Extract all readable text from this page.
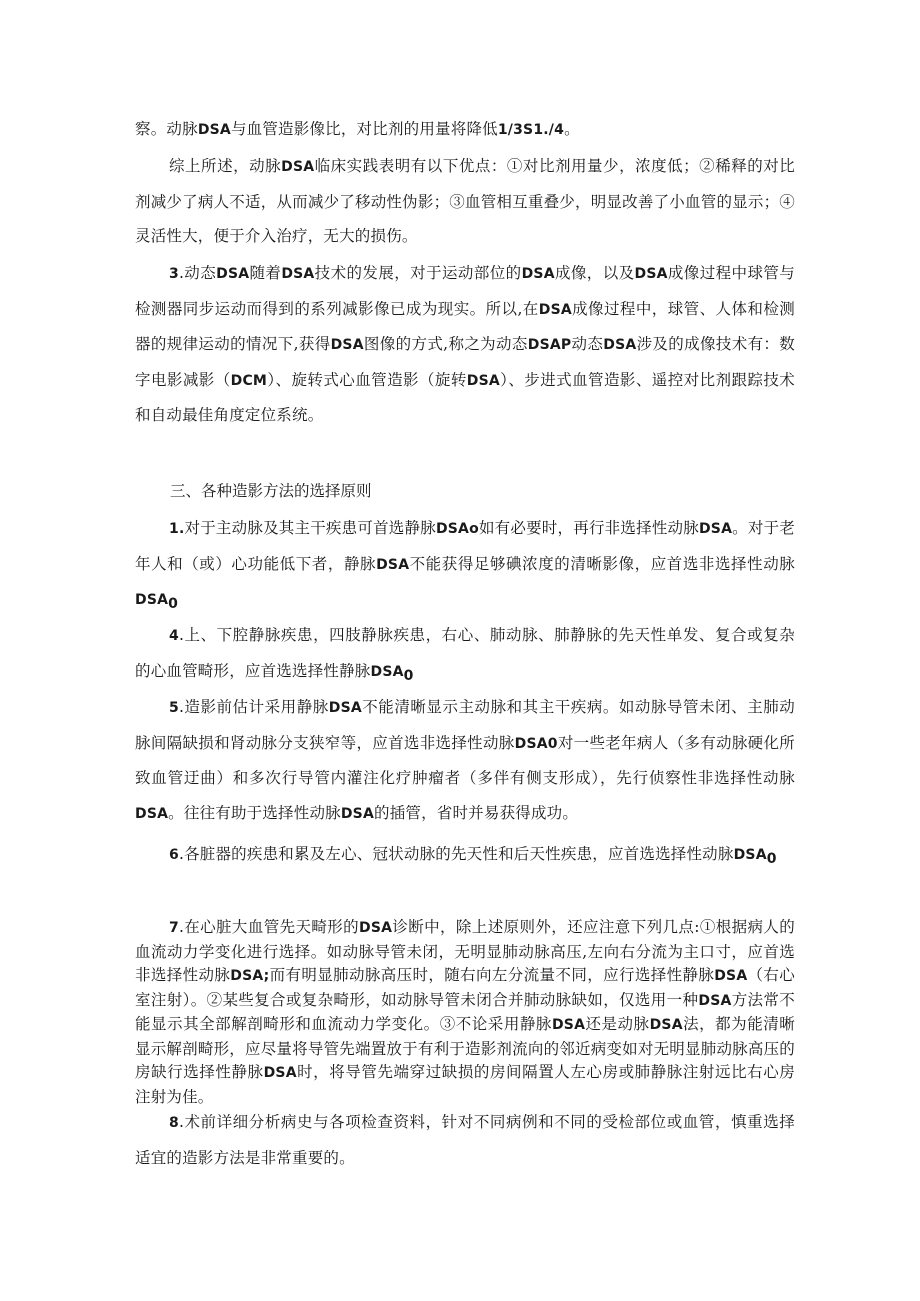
察。动脉DSA与血管造影像比，对比剂的用量将降低1/3S1./4。

综上所述，动脉DSA临床实践表明有以下优点：①对比剂用量少，浓度低；②稀释的对比剂减少了病人不适，从而减少了移动性伪影；③血管相互重叠少，明显改善了小血管的显示；④灵活性大，便于介入治疗，无大的损伤。

3.动态DSA随着DSA技术的发展，对于运动部位的DSA成像，以及DSA成像过程中球管与检测器同步运动而得到的系列减影像已成为现实。所以,在DSA成像过程中，球管、人体和检测器的规律运动的情况下,获得DSA图像的方式,称之为动态DSAP动态DSA涉及的成像技术有：数字电影减影（DCM）、旋转式心血管造影（旋转DSA）、步进式血管造影、遥控对比剂跟踪技术和自动最佳角度定位系统。

三、各种造影方法的选择原则

1.对于主动脉及其主干疾患可首选静脉DSAo如有必要时，再行非选择性动脉DSA。对于老年人和（或）心功能低下者，静脉DSA不能获得足够碘浓度的清晰影像，应首选非选择性动脉$DSA_0$

4.上、下腔静脉疾患，四肢静脉疾患，右心、肺动脉、肺静脉的先天性单发、复合或复杂的心血管畸形，应首选选择性静脉$DSA_0$

5.造影前估计采用静脉DSA不能清晰显示主动脉和其主干疾病。如动脉导管未闭、主肺动脉间隔缺损和肾动脉分支狭窄等，应首选非选择性动脉DSA0对一些老年病人（多有动脉硬化所致血管迂曲）和多次行导管内灌注化疗肿瘤者（多伴有侧支形成），先行侦察性非选择性动脉DSA。往往有助于选择性动脉DSA的插管，省时并易获得成功。

6.各脏器的疾患和累及左心、冠状动脉的先天性和后天性疾患，应首选选择性动脉$DSA_0$

7.在心脏大血管先天畸形的DSA诊断中，除上述原则外，还应注意下列几点:①根据病人的血流动力学变化进行选择。如动脉导管未闭，无明显肺动脉高压,左向右分流为主口寸，应首选非选择性动脉DSA;而有明显肺动脉高压时，随右向左分流量不同，应行选择性静脉DSA（右心室注射）。②某些复合或复杂畸形，如动脉导管未闭合并肺动脉缺如，仅选用一种DSA方法常不能显示其全部解剖畸形和血流动力学变化。③不论采用静脉DSA还是动脉DSA法，都为能清晰显示解剖畸形，应尽量将导管先端置放于有利于造影剂流向的邻近病变如对无明显肺动脉高压的房缺行选择性静脉DSA时，将导管先端穿过缺损的房间隔置人左心房或肺静脉注射远比右心房注射为佳。

8.术前详细分析病史与各项检查资料，针对不同病例和不同的受检部位或血管，慎重选择适宜的造影方法是非常重要的。
